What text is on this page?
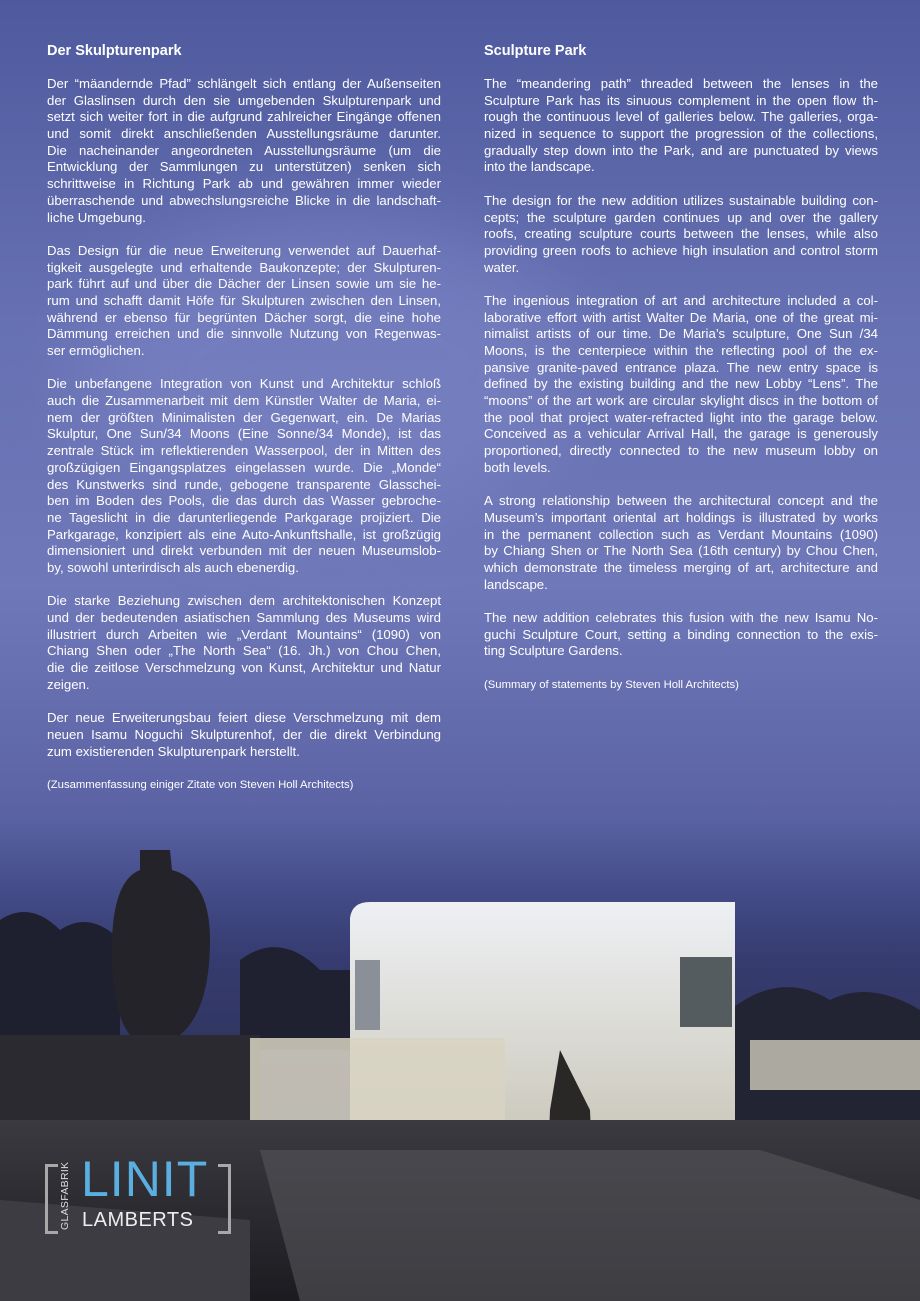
Der Skulpturenpark
Der “mäandernde Pfad” schlängelt sich entlang der Außenseiten
der Glaslinsen durch den sie umgebenden Skulpturenpark und
setzt sich weiter fort in die aufgrund zahlreicher Eingänge offenen
und somit direkt anschließenden Ausstellungsräume darunter.
Die nacheinander angeordneten Ausstellungsräume (um die
Entwicklung der Sammlungen zu unterstützen) senken sich
schrittweise in Richtung Park ab und gewähren immer wieder
überraschende und abwechslungsreiche Blicke in die landschaft-
liche Umgebung.
Das Design für die neue Erweiterung verwendet auf Dauerhaf-
tigkeit ausgelegte und erhaltende Baukonzepte; der Skulpturen-
park führt auf und über die Dächer der Linsen sowie um sie he-
rum und schafft damit Höfe für Skulpturen zwischen den Linsen,
während er ebenso für begrünten Dächer sorgt, die eine hohe
Dämmung erreichen und die sinnvolle Nutzung von Regenwas-
ser ermöglichen.
Die unbefangene Integration von Kunst und Architektur schloß
auch die Zusammenarbeit mit dem Künstler Walter de Maria, ei-
nem der größten Minimalisten der Gegenwart, ein. De Marias
Skulptur, One Sun/34 Moons (Eine Sonne/34 Monde), ist das
zentrale Stück im reflektierenden Wasserpool, der in Mitten des
großzügigen Eingangsplatzes eingelassen wurde. Die „Monde“
des Kunstwerks sind runde, gebogene transparente Glasschei-
ben im Boden des Pools, die das durch das Wasser gebroche-
ne Tageslicht in die darunterliegende Parkgarage projiziert. Die
Parkgarage, konzipiert als eine Auto-Ankunftshalle, ist großzügig
dimensioniert und direkt verbunden mit der neuen Museumslob-
by, sowohl unterirdisch als auch ebenerdig.
Die starke Beziehung zwischen dem architektonischen Konzept
und der bedeutenden asiatischen Sammlung des Museums wird
illustriert durch Arbeiten wie „Verdant Mountains“ (1090) von
Chiang Shen oder „The North Sea“ (16. Jh.) von Chou Chen,
die die zeitlose Verschmelzung von Kunst, Architektur und Natur
zeigen.
Der neue Erweiterungsbau feiert diese Verschmelzung mit dem
neuen Isamu Noguchi Skulpturenhof, der die direkt Verbindung
zum existierenden Skulpturenpark herstellt.
(Zusammenfassung einiger Zitate von Steven Holl Architects)
Sculpture Park
The “meandering path” threaded between the lenses in the
Sculpture Park has its sinuous complement in the open flow th-
rough the continuous level of galleries below. The galleries, orga-
nized in sequence to support the progression of the collections,
gradually step down into the Park, and are punctuated by views
into the landscape.
The design for the new addition utilizes sustainable building con-
cepts; the sculpture garden continues up and over the gallery
roofs, creating sculpture courts between the lenses, while also
providing green roofs to achieve high insulation and control storm
water.
The ingenious integration of art and architecture included a col-
laborative effort with artist Walter De Maria, one of the great mi-
nimalist artists of our time. De Maria’s sculpture, One Sun /34
Moons, is the centerpiece within the reflecting pool of the ex-
pansive granite-paved entrance plaza. The new entry space is
defined by the existing building and the new Lobby “Lens”. The
“moons” of the art work are circular skylight discs in the bottom of
the pool that project water-refracted light into the garage below.
Conceived as a vehicular Arrival Hall, the garage is generously
proportioned, directly connected to the new museum lobby on
both levels.
A strong relationship between the architectural concept and the
Museum’s important oriental art holdings is illustrated by works
in the permanent collection such as Verdant Mountains (1090)
by Chiang Shen or The North Sea (16th century) by Chou Chen,
which demonstrate the timeless merging of art, architecture and
landscape.
The new addition celebrates this fusion with the new Isamu No-
guchi Sculpture Court, setting a binding connection to the exis-
ting Sculpture Gardens.
(Summary of statements by Steven Holl Architects)
GLASFABRIK LINIT
LAMBERTS
